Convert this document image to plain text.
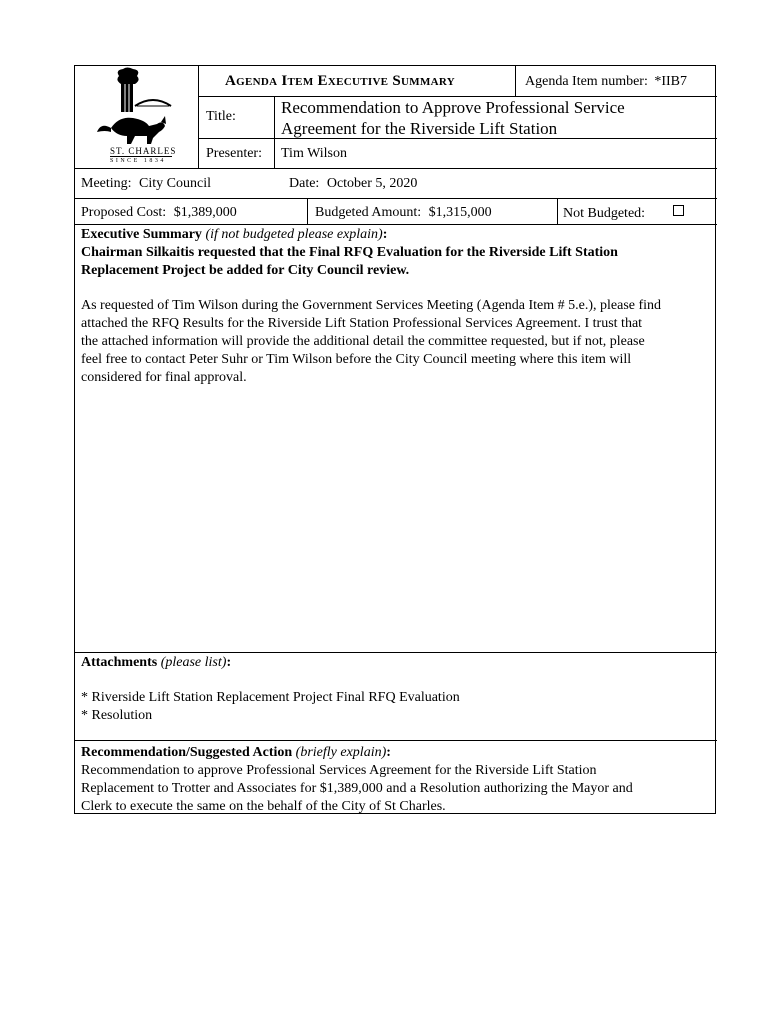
ST. CHARLES
SINCE 1834
Agenda Item Executive Summary	Agenda Item number: *IIB7
Title:	Recommendation to Approve Professional Service
Agreement for the Riverside Lift Station
Presenter: Tim Wilson
Meeting: City Council	Date: October 5, 2020
Proposed Cost: $1,389,000	Budgeted Amount: $1,315,000	Not Budgeted:
Executive Summary (if not budgeted please explain):
Chairman Silkaitis requested that the Final RFQ Evaluation for the Riverside Lift Station
Replacement Project be added for City Council review.
As requested of Tim Wilson during the Government Services Meeting (Agenda Item # 5.e.), please find
attached the RFQ Results for the Riverside Lift Station Professional Services Agreement. I trust that
the attached information will provide the additional detail the committee requested, but if not, please
feel free to contact Peter Suhr or Tim Wilson before the City Council meeting where this item will
considered for final approval.
Attachments (please list):
* Riverside Lift Station Replacement Project Final RFQ Evaluation
* Resolution
Recommendation/Suggested Action (briefly explain):
Recommendation to approve Professional Services Agreement for the Riverside Lift Station
Replacement to Trotter and Associates for $1,389,000 and a Resolution authorizing the Mayor and
Clerk to execute the same on the behalf of the City of St Charles.
